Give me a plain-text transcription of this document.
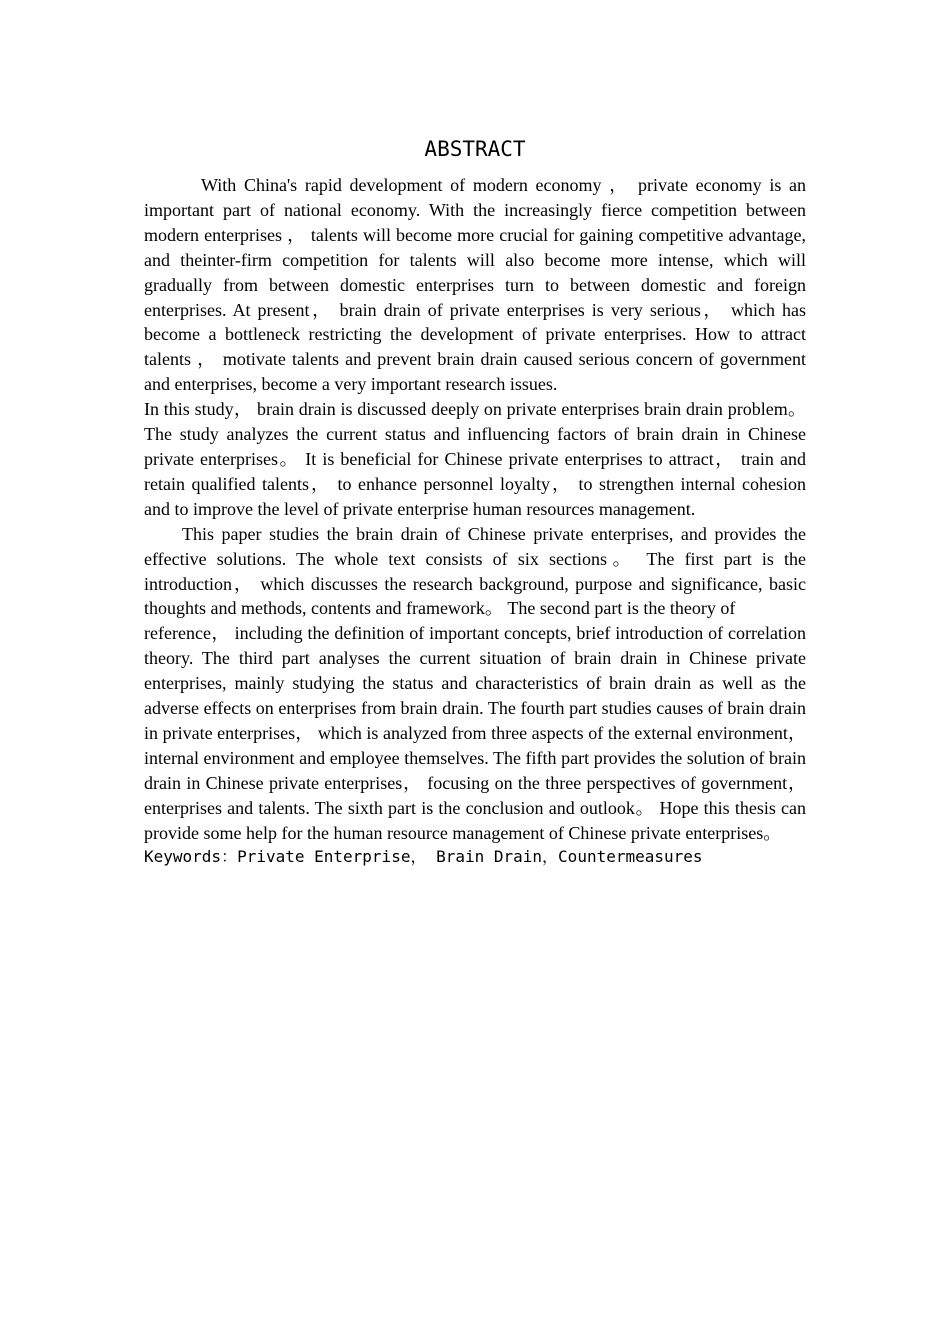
ABSTRACT

With China's rapid development of modern economy ， private economy is an important part of national economy. With the increasingly fierce competition between modern enterprises ， talents will become more crucial for gaining competitive advantage, and theinter-firm competition for talents will also become more intense, which will gradually from between domestic enterprises turn to between domestic and foreign enterprises. At present， brain drain of private enterprises is very serious， which has become a bottleneck restricting the development of private enterprises. How to attract talents ， motivate talents and prevent brain drain caused serious concern of government and enterprises, become a very important research issues.

In this study， brain drain is discussed deeply on private enterprises brain drain problem。The study analyzes the current status and influencing factors of brain drain in Chinese private enterprises。 It is beneficial for Chinese private enterprises to attract， train and retain qualified talents， to enhance personnel loyalty， to strengthen internal cohesion and to improve the level of private enterprise human resources management.

This paper studies the brain drain of Chinese private enterprises, and provides the effective solutions. The whole text consists of six sections。 The first part is the introduction， which discusses the research background, purpose and significance, basic thoughts and methods, contents and framework。 The second part is the theory of

reference， including the definition of important concepts, brief introduction of correlation theory. The third part analyses the current situation of brain drain in Chinese private enterprises, mainly studying the status and characteristics of brain drain as well as the adverse effects on enterprises from brain drain. The fourth part studies causes of brain drain in private enterprises， which is analyzed from three aspects of the external environment， internal environment and employee themselves. The fifth part provides the solution of brain drain in Chinese private enterprises， focusing on the three perspectives of government， enterprises and talents. The sixth part is the conclusion and outlook。 Hope this thesis can provide some help for the human resource management of Chinese private enterprises。

Keywords：Private Enterprise， Brain Drain，Countermeasures
